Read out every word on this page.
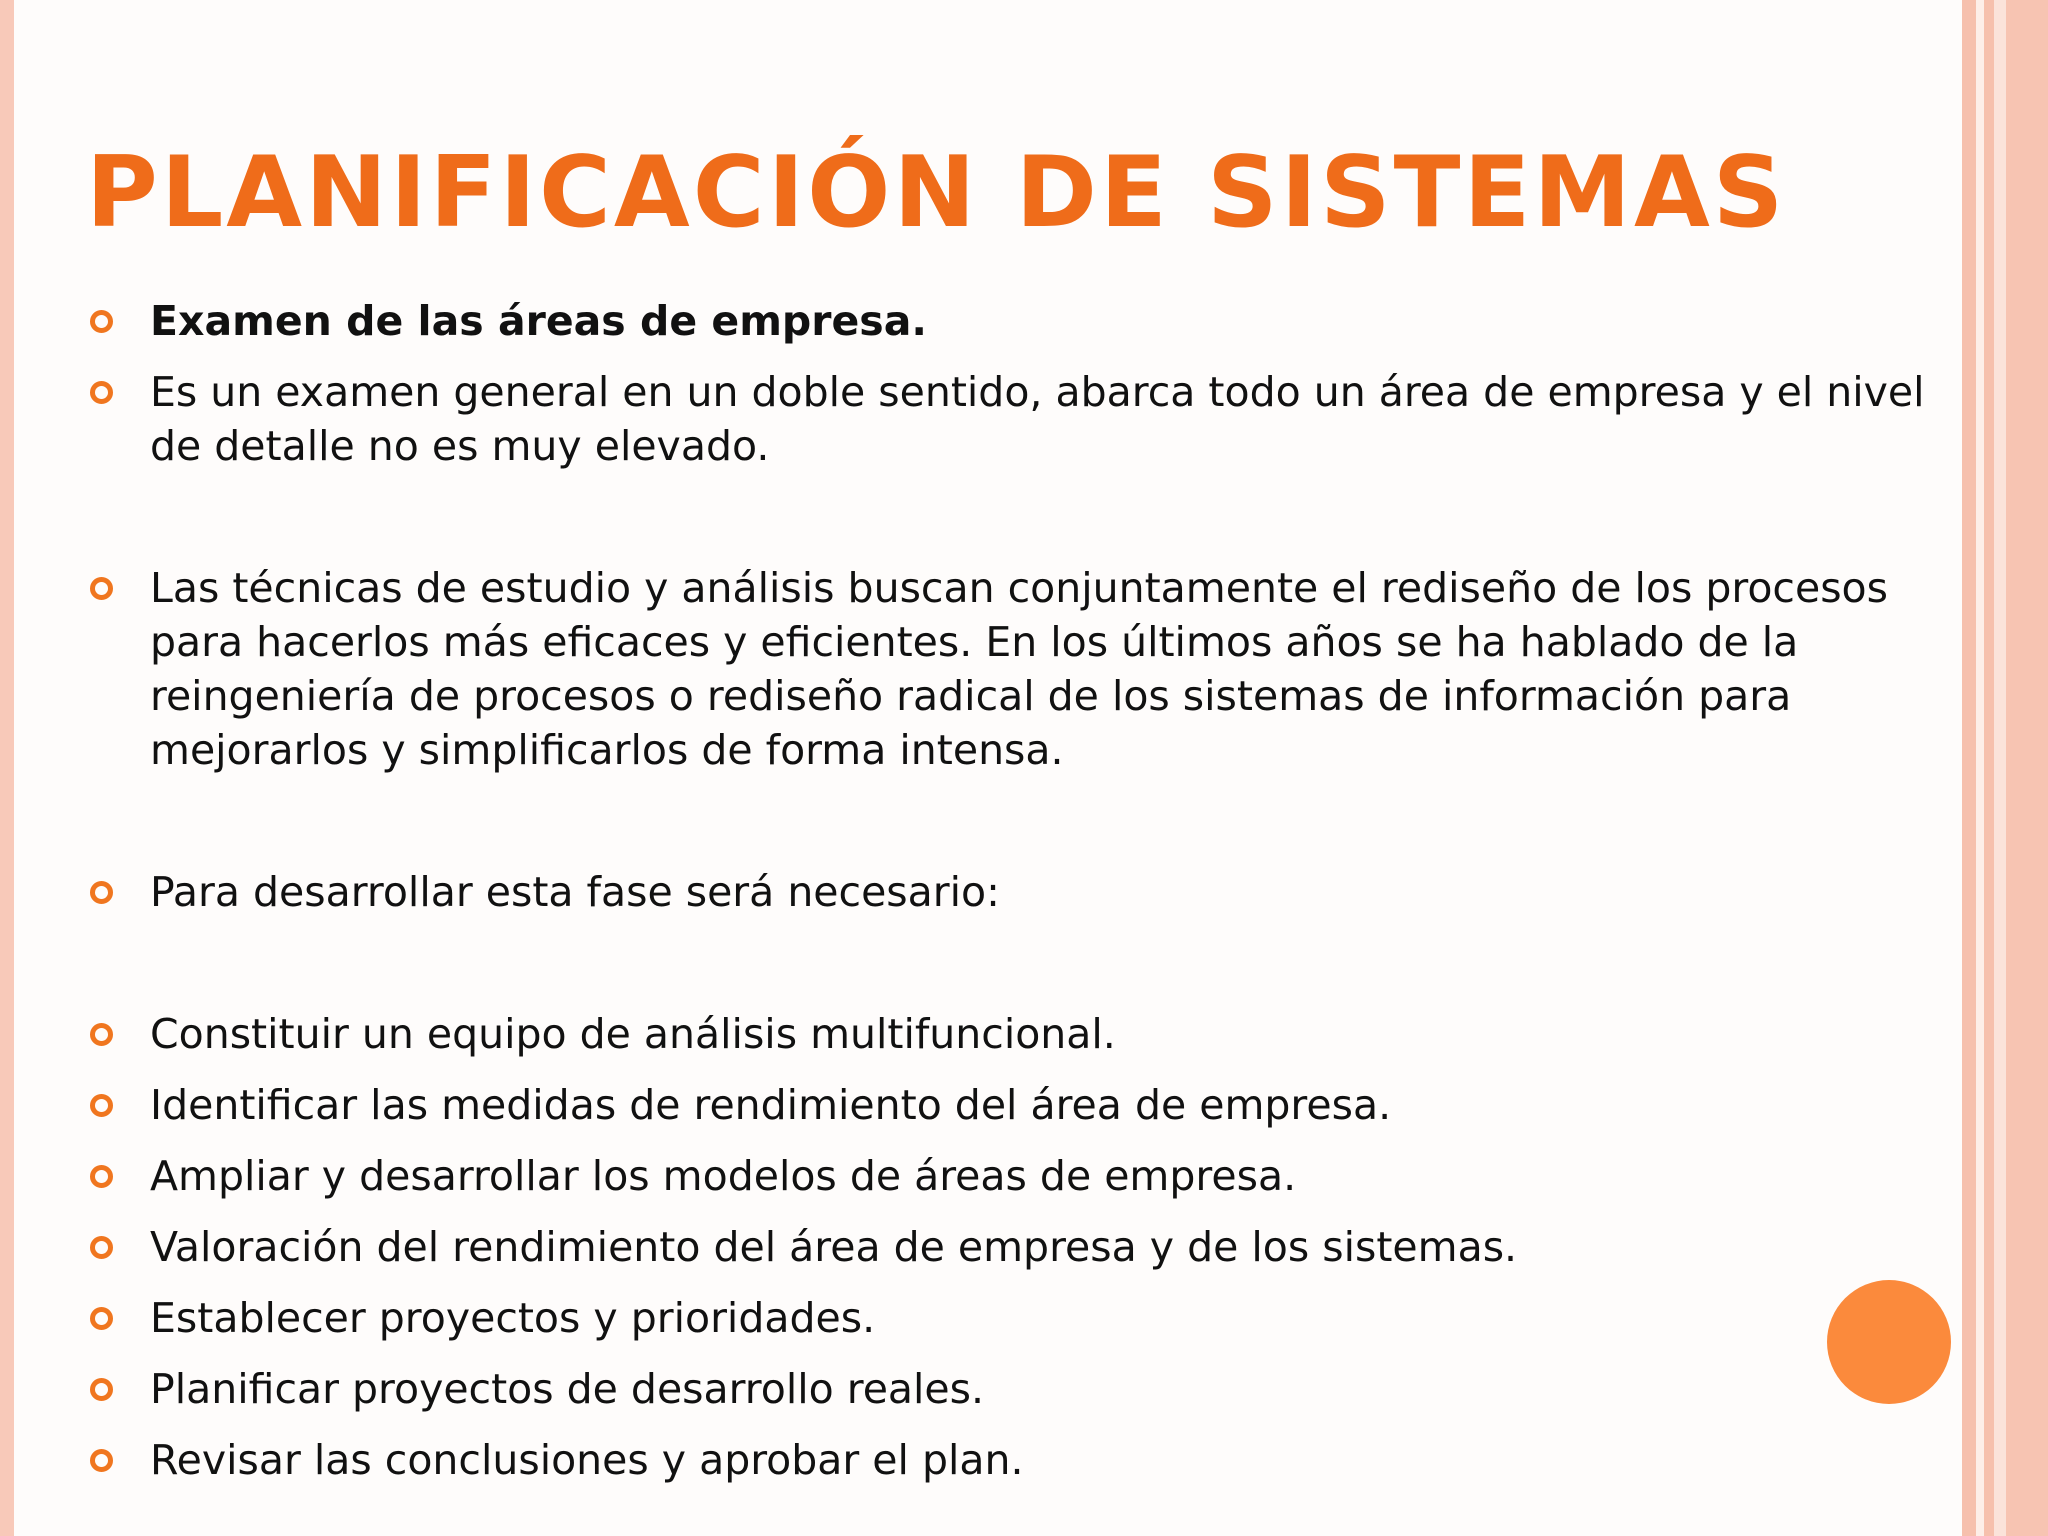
PLANIFICACIÓN DE SISTEMAS

Examen de las áreas de empresa.

Es un examen general en un doble sentido, abarca todo un área de empresa y el nivel de detalle no es muy elevado.

Las técnicas de estudio y análisis buscan conjuntamente el rediseño de los procesos para hacerlos más eficaces y eficientes. En los últimos años se ha hablado de la reingeniería de procesos o rediseño radical de los sistemas de información para mejorarlos y simplificarlos de forma intensa.

Para desarrollar esta fase será necesario:

Constituir un equipo de análisis multifuncional.

Identificar las medidas de rendimiento del área de empresa.

Ampliar y desarrollar los modelos de áreas de empresa.

Valoración del rendimiento del área de empresa y de los sistemas.

Establecer proyectos y prioridades.

Planificar proyectos de desarrollo reales.

Revisar las conclusiones y aprobar el plan.
